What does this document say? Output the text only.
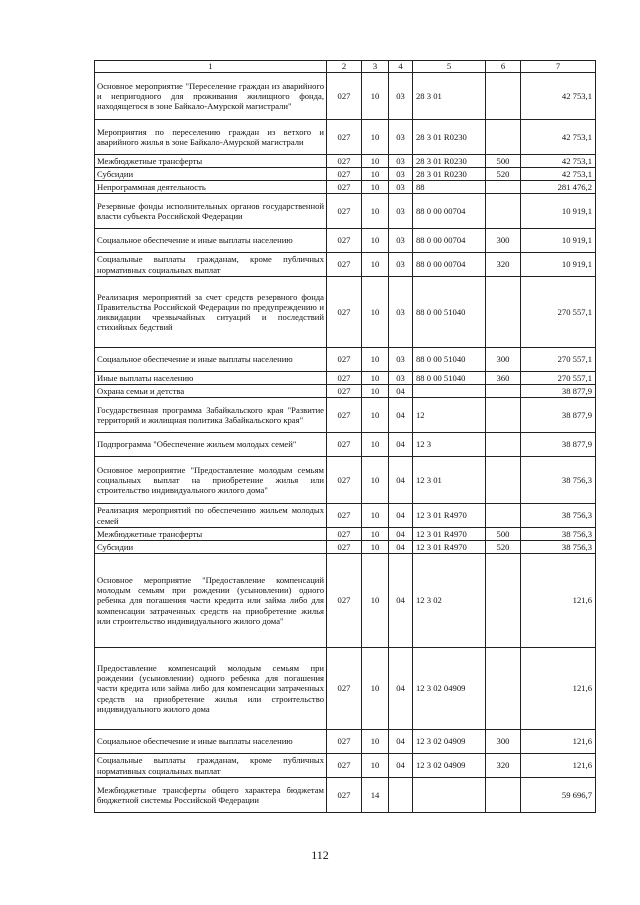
1	2	3	4	5	6	7
Основное мероприятие "Переселение граждан из аварийного и непригодного для проживания жилищного фонда, находящегося в зоне Байкало-Амурской магистрали"	027	10	03	28 3 01		42 753,1
Мероприятия по переселению граждан из ветхого и аварийного жилья в зоне Байкало-Амурской магистрали	027	10	03	28 3 01 R0230		42 753,1
Межбюджетные трансферты	027	10	03	28 3 01 R0230	500	42 753,1
Субсидии	027	10	03	28 3 01 R0230	520	42 753,1
Непрограммная деятельность	027	10	03	88		281 476,2
Резервные фонды исполнительных органов государственной власти субъекта Российской Федерации	027	10	03	88 0 00 00704		10 919,1
Социальное обеспечение и иные выплаты населению	027	10	03	88 0 00 00704	300	10 919,1
Социальные выплаты гражданам, кроме публичных нормативных социальных выплат	027	10	03	88 0 00 00704	320	10 919,1
Реализация мероприятий за счет средств резервного фонда Правительства Российской Федерации по предупреждению и ликвидации чрезвычайных ситуаций и последствий стихийных бедствий	027	10	03	88 0 00 51040		270 557,1
Социальное обеспечение и иные выплаты населению	027	10	03	88 0 00 51040	300	270 557,1
Иные выплаты населению	027	10	03	88 0 00 51040	360	270 557,1
Охрана семьи и детства	027	10	04			38 877,9
Государственная программа Забайкальского края "Развитие территорий и жилищная политика Забайкальского края"	027	10	04	12		38 877,9
Подпрограмма "Обеспечение жильем молодых семей"	027	10	04	12 3		38 877,9
Основное мероприятие "Предоставление молодым семьям социальных выплат на приобретение жилья или строительство индивидуального жилого дома"	027	10	04	12 3 01		38 756,3
Реализация мероприятий по обеспечению жильем молодых семей	027	10	04	12 3 01 R4970		38 756,3
Межбюджетные трансферты	027	10	04	12 3 01 R4970	500	38 756,3
Субсидии	027	10	04	12 3 01 R4970	520	38 756,3
Основное мероприятие "Предоставление компенсаций молодым семьям при рождении (усыновлении) одного ребенка для погашения части кредита или займа либо для компенсации затраченных средств на приобретение жилья или строительство индивидуального жилого дома"	027	10	04	12 3 02		121,6
Предоставление компенсаций молодым семьям при рождении (усыновлении) одного ребенка для погашения части кредита или займа либо для компенсации затраченных средств на приобретение жилья или строительство индивидуального жилого дома	027	10	04	12 3 02 04909		121,6
Социальное обеспечение и иные выплаты населению	027	10	04	12 3 02 04909	300	121,6
Социальные выплаты гражданам, кроме публичных нормативных социальных выплат	027	10	04	12 3 02 04909	320	121,6
Межбюджетные трансферты общего характера бюджетам бюджетной системы Российской Федерации	027	14				59 696,7
112
